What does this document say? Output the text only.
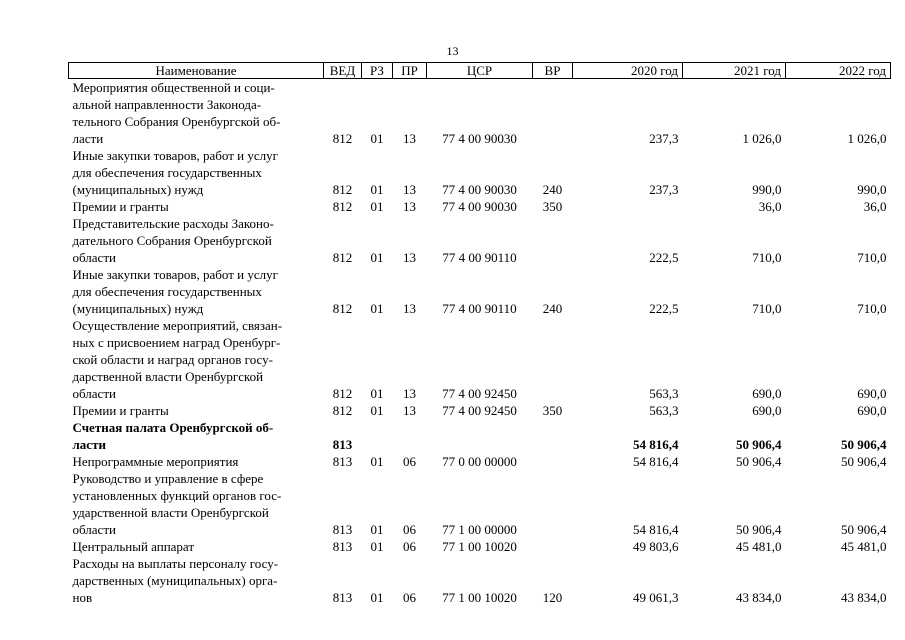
13
Наименование	ВЕД	РЗ	ПР	ЦСР	ВР	2020 год	2021 год	2022 год

Мероприятия общественной и соци-
альной направленности Законода-
тельного Собрания Оренбургской об-
ласти	812	01	13	77 4 00 90030		237,3	1 026,0	1 026,0

Иные закупки товаров, работ и услуг
для обеспечения государственных
(муниципальных) нужд	812	01	13	77 4 00 90030	240	237,3	990,0	990,0

Премии и гранты	812	01	13	77 4 00 90030	350		36,0	36,0

Представительские расходы Законо-
дательного Собрания Оренбургской
области	812	01	13	77 4 00 90110		222,5	710,0	710,0

Иные закупки товаров, работ и услуг
для обеспечения государственных
(муниципальных) нужд	812	01	13	77 4 00 90110	240	222,5	710,0	710,0

Осуществление мероприятий, связан-
ных с присвоением наград Оренбург-
ской области и наград органов госу-
дарственной власти Оренбургской
области	812	01	13	77 4 00 92450		563,3	690,0	690,0

Премии и гранты	812	01	13	77 4 00 92450	350	563,3	690,0	690,0

Счетная палата Оренбургской об-
ласти	813					54 816,4	50 906,4	50 906,4

Непрограммные мероприятия	813	01	06	77 0 00 00000		54 816,4	50 906,4	50 906,4

Руководство и управление в сфере
установленных функций органов гос-
ударственной власти Оренбургской
области	813	01	06	77 1 00 00000		54 816,4	50 906,4	50 906,4

Центральный аппарат	813	01	06	77 1 00 10020		49 803,6	45 481,0	45 481,0

Расходы на выплаты персоналу госу-
дарственных (муниципальных) орга-
нов	813	01	06	77 1 00 10020	120	49 061,3	43 834,0	43 834,0
